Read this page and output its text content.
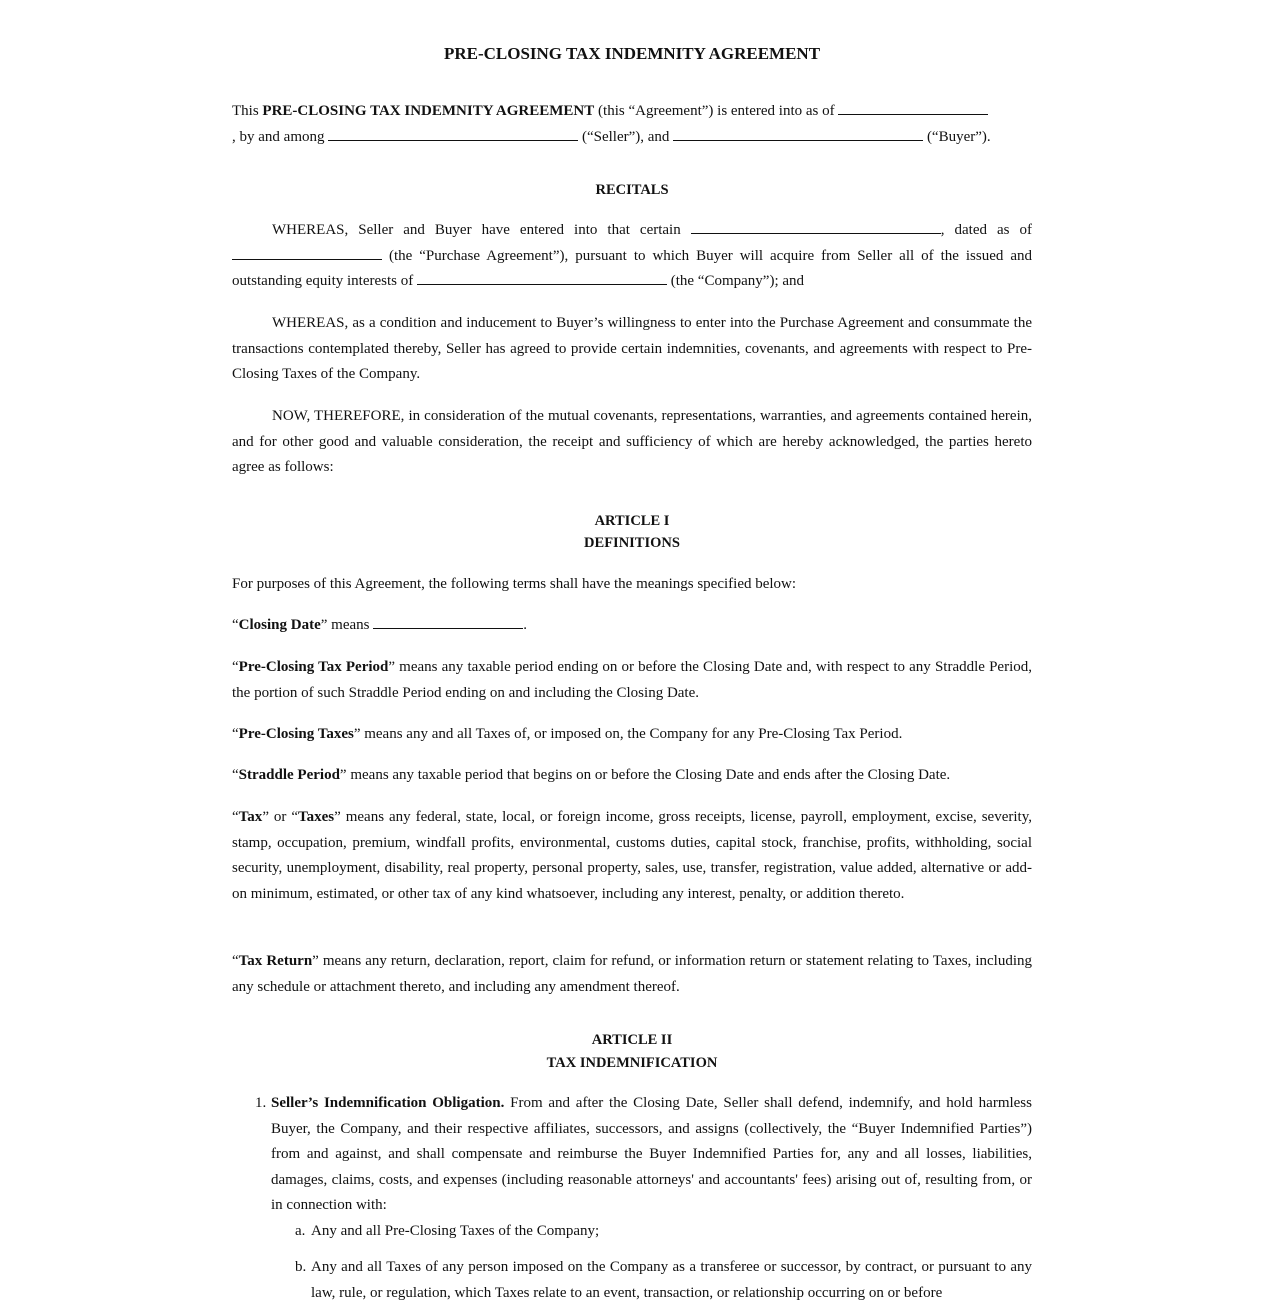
PRE-CLOSING TAX INDEMNITY AGREEMENT
This PRE-CLOSING TAX INDEMNITY AGREEMENT (this “Agreement”) is entered into as of
, by and among	(“Seller”), and	(“Buyer”).
RECITALS
WHEREAS, Seller and Buyer have entered into that certain	, dated as of  (the “Purchase Agreement”), pursuant to which Buyer will acquire from Seller all of the issued and outstanding equity interests of	(the “Company”); and
WHEREAS, as a condition and inducement to Buyer’s willingness to enter into the Purchase Agreement and consummate the transactions contemplated thereby, Seller has agreed to provide certain indemnities, covenants, and agreements with respect to Pre-Closing Taxes of the Company.
NOW, THEREFORE, in consideration of the mutual covenants, representations, warranties, and agreements contained herein, and for other good and valuable consideration, the receipt and sufficiency of which are hereby acknowledged, the parties hereto agree as follows:
ARTICLE I
DEFINITIONS
For purposes of this Agreement, the following terms shall have the meanings specified below:
“Closing Date” means	.
“Pre-Closing Tax Period” means any taxable period ending on or before the Closing Date and, with respect to any Straddle Period, the portion of such Straddle Period ending on and including the Closing Date.
“Pre-Closing Taxes” means any and all Taxes of, or imposed on, the Company for any Pre-Closing Tax Period.
“Straddle Period” means any taxable period that begins on or before the Closing Date and ends after the Closing Date.
“Tax” or “Taxes” means any federal, state, local, or foreign income, gross receipts, license, payroll, employment, excise, severity, stamp, occupation, premium, windfall profits, environmental, customs duties, capital stock, franchise, profits, withholding, social security, unemployment, disability, real property, personal property, sales, use, transfer, registration, value added, alternative or add-on minimum, estimated, or other tax of any kind whatsoever, including any interest, penalty, or addition thereto.
“Tax Return” means any return, declaration, report, claim for refund, or information return or statement relating to Taxes, including any schedule or attachment thereto, and including any amendment thereof.
ARTICLE II
TAX INDEMNIFICATION
1. Seller’s Indemnification Obligation. From and after the Closing Date, Seller shall defend, indemnify, and hold harmless Buyer, the Company, and their respective affiliates, successors, and assigns (collectively, the “Buyer Indemnified Parties”) from and against, and shall compensate and reimburse the Buyer Indemnified Parties for, any and all losses, liabilities, damages, claims, costs, and expenses (including reasonable attorneys' and accountants' fees) arising out of, resulting from, or in connection with:
a. Any and all Pre-Closing Taxes of the Company;
b. Any and all Taxes of any person imposed on the Company as a transferee or successor, by contract, or pursuant to any law, rule, or regulation, which Taxes relate to an event, transaction, or relationship occurring on or before
